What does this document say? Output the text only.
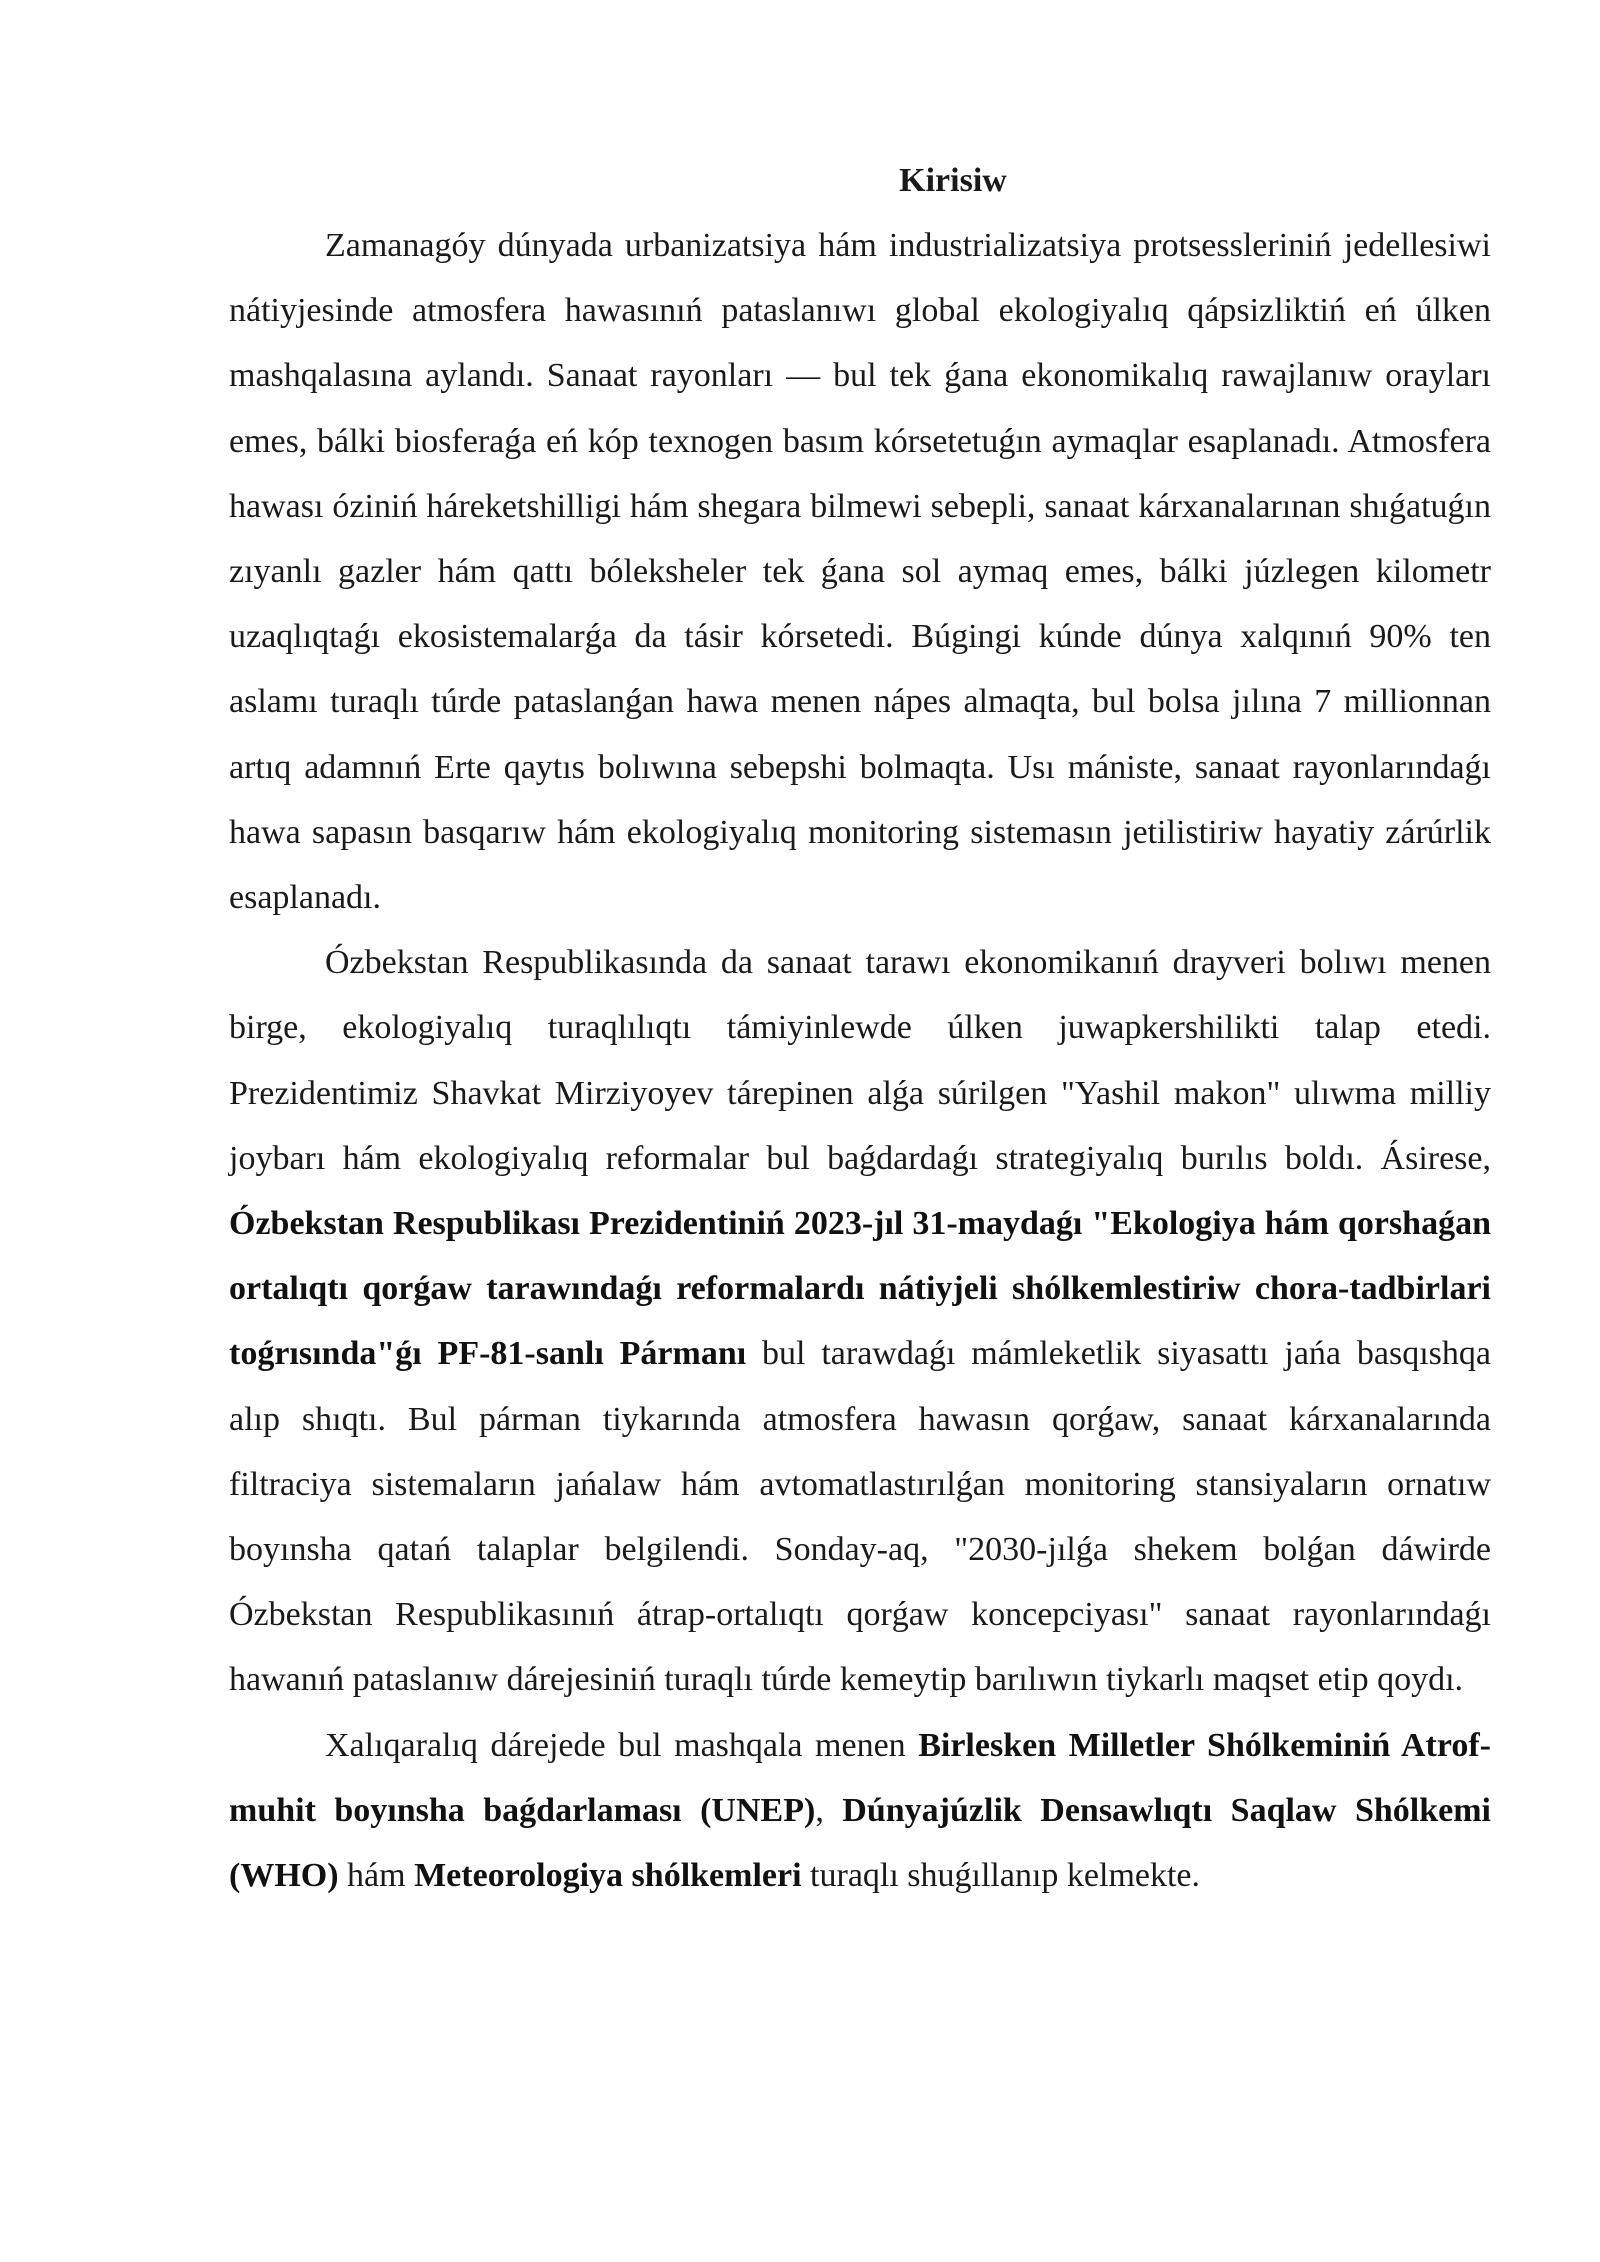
Kirisiw

Zamanagóy dúnyada urbanizatsiya hám industrializatsiya protsessleriniń jedellesiwi nátiyjesinde atmosfera hawasınıń pataslanıwı global ekologiyalıq qápsizliktiń eń úlken mashqalasına aylandı. Sanaat rayonları — bul tek ǵana ekonomikalıq rawajlanıw orayları emes, bálki biosferaǵa eń kóp texnogen basım kórsetetuǵın aymaqlar esaplanadı. Atmosfera hawası óziniń háreketshilligi hám shegara bilmewi sebepli, sanaat kárxanalarınan shıǵatuǵın zıyanlı gazler hám qattı bóleksheler tek ǵana sol aymaq emes, bálki júzlegen kilometr uzaqlıqtaǵı ekosistemalarǵa da tásir kórsetedi. Búgingi kúnde dúnya xalqınıń 90% ten aslamı turaqlı túrde pataslanǵan hawa menen nápes almaqta, bul bolsa jılına 7 millionnan artıq adamnıń Erte qaytıs bolıwına sebepshi bolmaqta. Usı mániste, sanaat rayonlarındaǵı hawa sapasın basqarıw hám ekologiyalıq monitoring sistemasın jetilistiriw hayatiy zárúrlik esaplanadı.

Ózbekstan Respublikasında da sanaat tarawı ekonomikanıń drayveri bolıwı menen birge, ekologiyalıq turaqlılıqtı támiyinlewde úlken juwapkershilikti talap etedi. Prezidentimiz Shavkat Mirziyoyev tárepinen alǵa súrilgen "Yashil makon" ulıwma milliy joybarı hám ekologiyalıq reformalar bul baǵdardaǵı strategiyalıq burılıs boldı. Ásirese, Ózbekstan Respublikası Prezidentiniń 2023-jıl 31-maydaǵı "Ekologiya hám qorshaǵan ortalıqtı qorǵaw tarawındaǵı reformalardı nátiyjeli shólkemlestiriw chora-tadbirlari toǵrısında"ǵı PF-81-sanlı Pármanı bul tarawdaǵı mámleketlik siyasattı jańa basqıshqa alıp shıqtı. Bul párman tiykarında atmosfera hawasın qorǵaw, sanaat kárxanalarında filtraciya sistemaların jańalaw hám avtomatlastırılǵan monitoring stansiyaların ornatıw boyınsha qatań talaplar belgilendi. Sonday-aq, "2030-jılǵa shekem bolǵan dáwirde Ózbekstan Respublikasınıń átrap-ortalıqtı qorǵaw koncepciyası" sanaat rayonlarındaǵı hawanıń pataslanıw dárejesiniń turaqlı túrde kemeytip barılıwın tiykarlı maqset etip qoydı.

Xalıqaralıq dárejede bul mashqala menen Birlesken Milletler Shólkeminiń Atrof-muhit boyınsha baǵdarlaması (UNEP), Dúnyajúzlik Densawlıqtı Saqlaw Shólkemi (WHO) hám Meteorologiya shólkemleri turaqlı shuǵıllanıp kelmekte.
